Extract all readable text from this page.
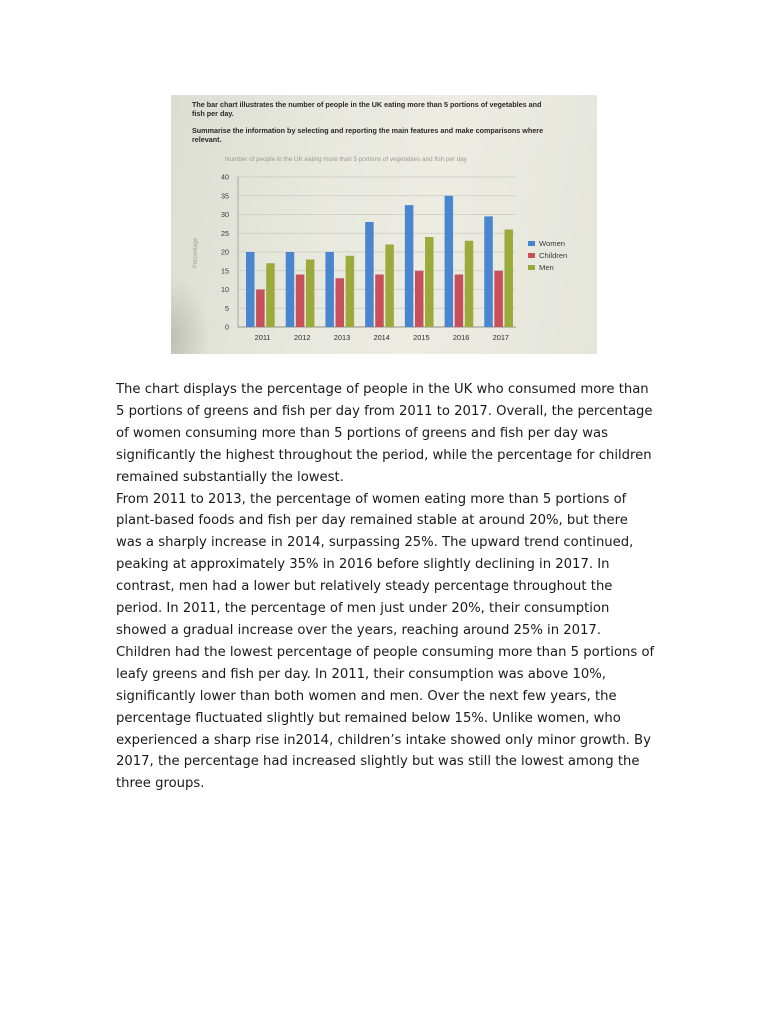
The bar chart illustrates the number of people in the UK eating more than 5 portions of vegetables and fish per day.
Summarise the information by selecting and reporting the main features and make comparisons where relevant.
Number of people in the UK eating more than 5 portions of vegetables and fish per day
0
5
10
15
20
25
30
35
40
Percentage
2011	2012	2013	2014	2015	2016	2017
Women
Children
Men

The chart displays the percentage of people in the UK who consumed more than 5 portions of greens and fish per day from 2011 to 2017. Overall, the percentage of women consuming more than 5 portions of greens and fish per day was significantly the highest throughout the period, while the percentage for children remained substantially the lowest.

From 2011 to 2013, the percentage of women eating more than 5 portions of plant-based foods and fish per day remained stable at around 20%, but there was a sharply increase in 2014, surpassing 25%. The upward trend continued, peaking at approximately 35% in 2016 before slightly declining in 2017. In contrast, men had a lower but relatively steady percentage throughout the period. In 2011, the percentage of men just under 20%, their consumption showed a gradual increase over the years, reaching around 25% in 2017.

Children had the lowest percentage of people consuming more than 5 portions of leafy greens and fish per day. In 2011, their consumption was above 10%, significantly lower than both women and men. Over the next few years, the percentage fluctuated slightly but remained below 15%. Unlike women, who experienced a sharp rise in2014, children’s intake showed only minor growth. By 2017, the percentage had increased slightly but was still the lowest among the three groups.
